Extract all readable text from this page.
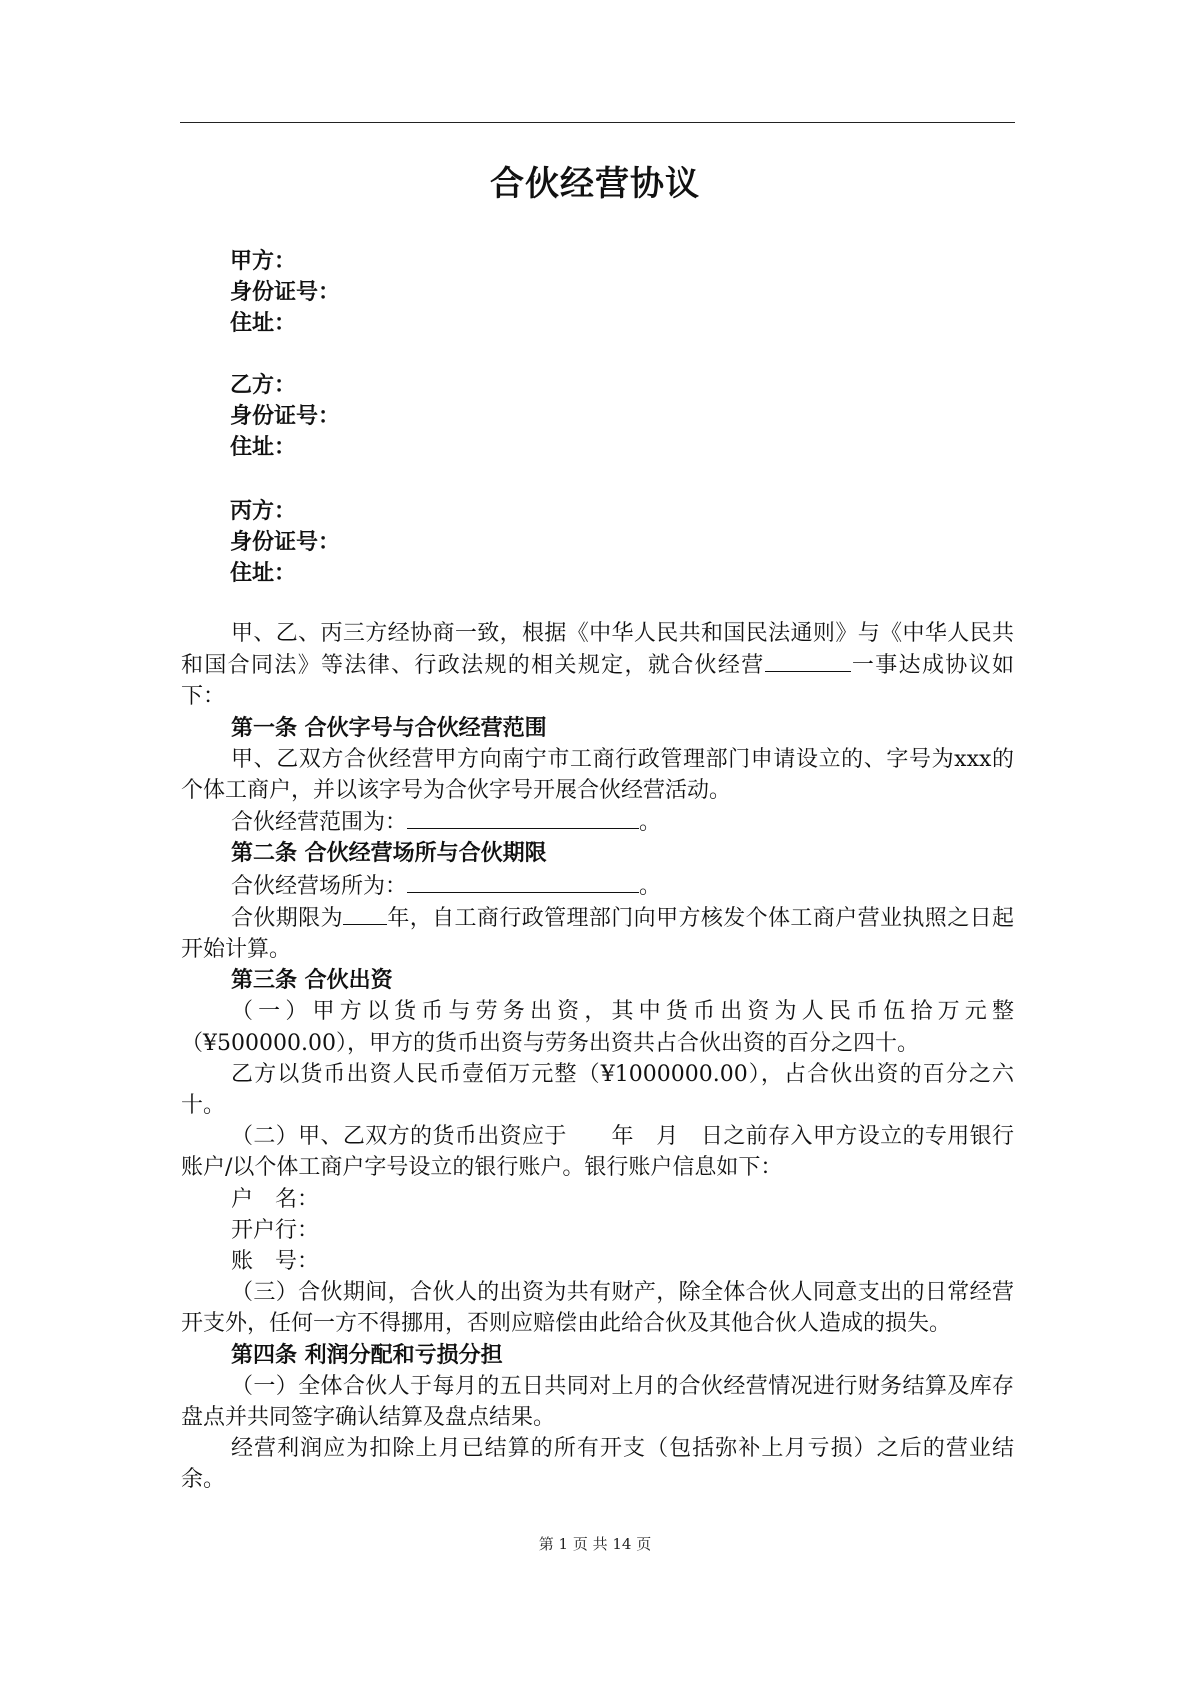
合伙经营协议
甲方：
身份证号：
住址：
乙方：
身份证号：
住址：
丙方：
身份证号：
住址：

甲、乙、丙三方经协商一致，根据《中华人民共和国民法通则》与《中华人民共和国合同法》等法律、行政法规的相关规定，就合伙经营	一事达成协议如下：

第一条 合伙字号与合伙经营范围

甲、乙双方合伙经营甲方向南宁市工商行政管理部门申请设立的、字号为xxx的个体工商户，并以该字号为合伙字号开展合伙经营活动。

合伙经营范围为：	。

第二条 合伙经营场所与合伙期限

合伙经营场所为：	。

合伙期限为 年，自工商行政管理部门向甲方核发个体工商户营业执照之日起开始计算。

第三条 合伙出资

（一）甲方以货币与劳务出资，其中货币出资为人民币伍拾万元整（¥500000.00），甲方的货币出资与劳务出资共占合伙出资的百分之四十。

乙方以货币出资人民币壹佰万元整（¥1000000.00），占合伙出资的百分之六十。

（二）甲、乙双方的货币出资应于　　年　月　日之前存入甲方设立的专用银行账户/以个体工商户字号设立的银行账户。银行账户信息如下：

户　名：

开户行：

账　号：

（三）合伙期间，合伙人的出资为共有财产，除全体合伙人同意支出的日常经营开支外，任何一方不得挪用，否则应赔偿由此给合伙及其他合伙人造成的损失。

第四条 利润分配和亏损分担

（一）全体合伙人于每月的五日共同对上月的合伙经营情况进行财务结算及库存盘点并共同签字确认结算及盘点结果。

经营利润应为扣除上月已结算的所有开支（包括弥补上月亏损）之后的营业结余。

第 1 页 共 14 页
